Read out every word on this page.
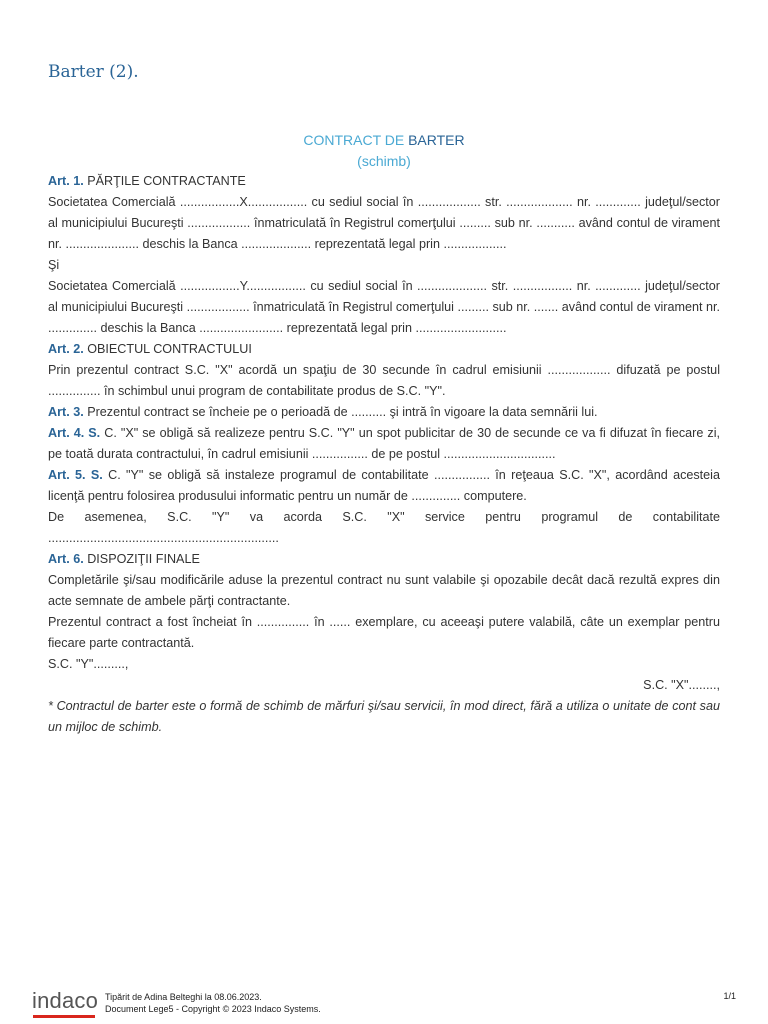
Barter (2).
CONTRACT DE BARTER
(schimb)

Art. 1. PĂRŢILE CONTRACTANTE

Societatea Comercială .................X................. cu sediul social în .................. str. ................... nr. ............. judeţul/sector al municipiului Bucureşti .................. înmatriculată în Registrul comerţului ......... sub nr. ........... având contul de virament nr. ..................... deschis la Banca .................... reprezentată legal prin ..................

Şi

Societatea Comercială .................Y................. cu sediul social în .................... str. ................. nr. ............. judeţul/sector al municipiului Bucureşti .................. înmatriculată în Registrul comerţului ......... sub nr. ....... având contul de virament nr. .............. deschis la Banca ........................ reprezentată legal prin ..........................

Art. 2. OBIECTUL CONTRACTULUI

Prin prezentul contract S.C. "X" acordă un spaţiu de 30 secunde în cadrul emisiunii .................. difuzată pe postul ............... în schimbul unui program de contabilitate produs de S.C. "Y".

Art. 3. Prezentul contract se încheie pe o perioadă de .......... şi intră în vigoare la data semnării lui.

Art. 4. S. C. "X" se obligă să realizeze pentru S.C. "Y" un spot publicitar de 30 de secunde ce va fi difuzat în fiecare zi, pe toată durata contractului, în cadrul emisiunii ................ de pe postul ................................

Art. 5. S. C. "Y" se obligă să instaleze programul de contabilitate ................ în reţeaua S.C. "X", acordând acesteia licenţă pentru folosirea produsului informatic pentru un număr de .............. computere.

De asemenea, S.C. "Y" va acorda S.C. "X" service pentru programul de contabilitate ..................................................................

Art. 6. DISPOZIŢII FINALE

Completările şi/sau modificările aduse la prezentul contract nu sunt valabile şi opozabile decât dacă rezultă expres din acte semnate de ambele părţi contractante.

Prezentul contract a fost încheiat în ............... în ...... exemplare, cu aceeaşi putere valabilă, câte un exemplar pentru fiecare parte contractantă.

S.C. "Y".........,

S.C. "X"........,

* Contractul de barter este o formă de schimb de mărfuri şi/sau servicii, în mod direct, fără a utiliza o unitate de cont sau un mijloc de schimb.

indaco Tipărit de Adina Belteghi la 08.06.2023.
Document Lege5 - Copyright © 2023 Indaco Systems.
1/1
